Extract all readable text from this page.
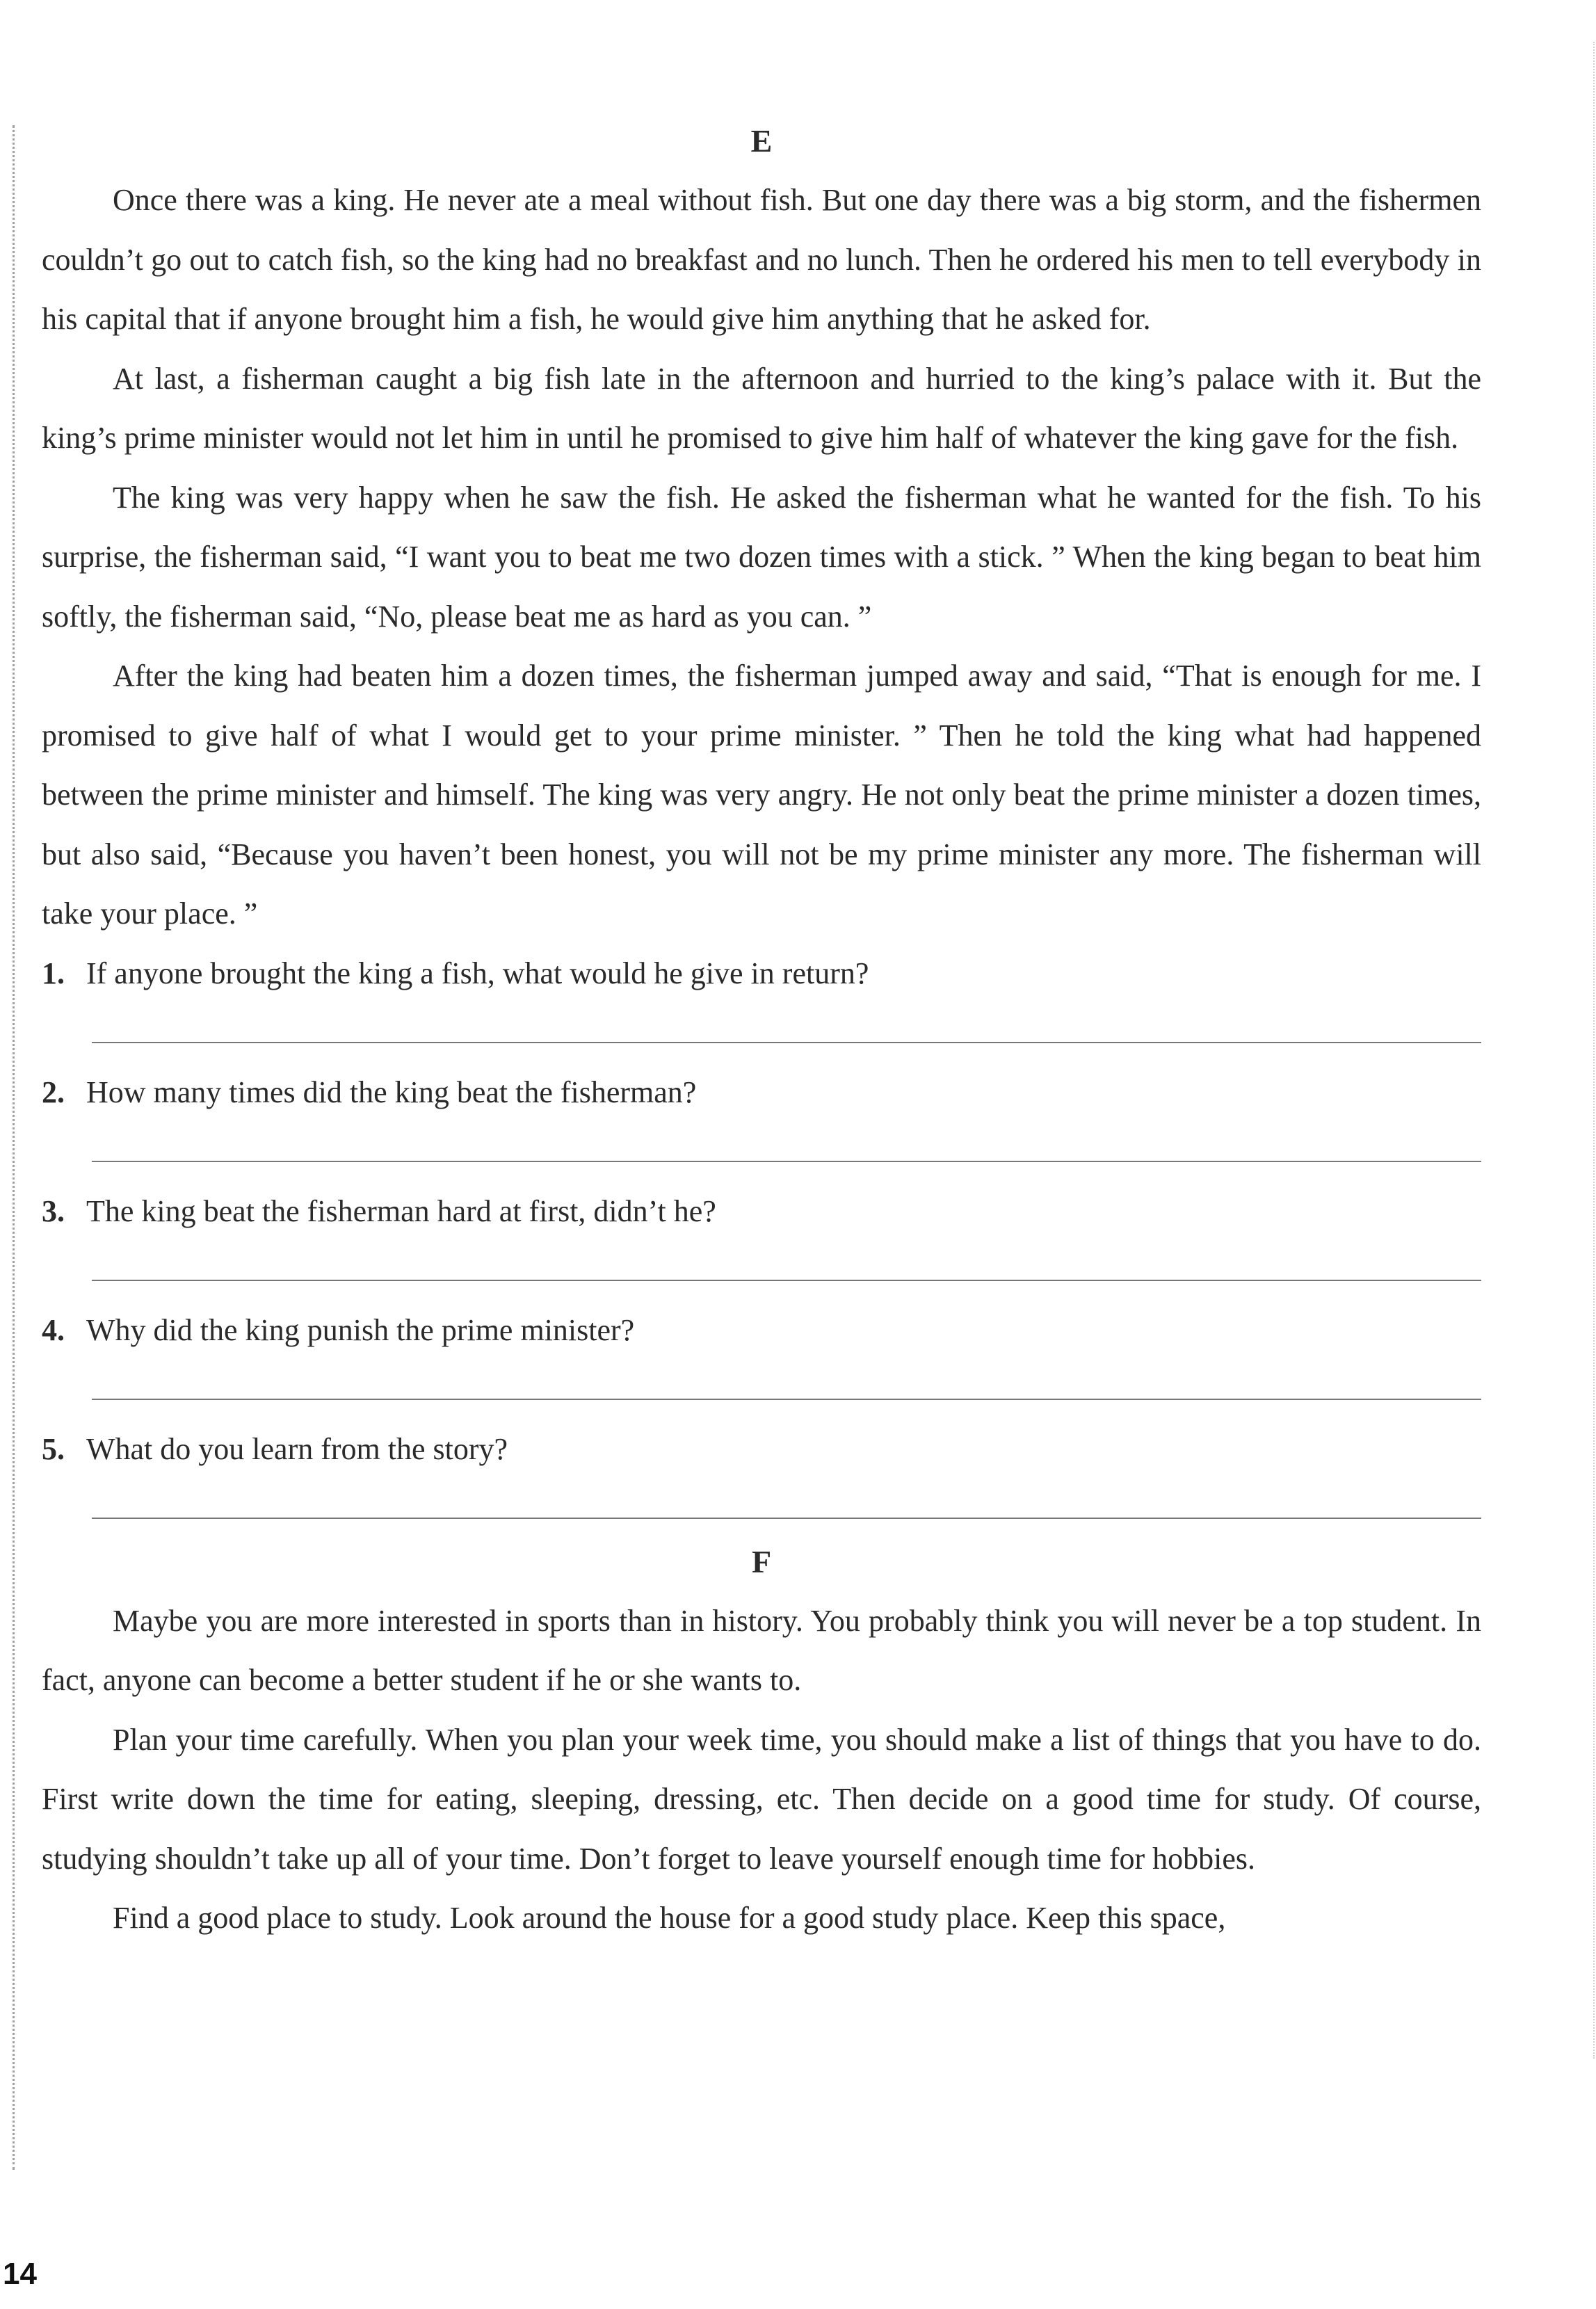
E

Once there was a king. He never ate a meal without fish. But one day there was a big storm, and the fishermen couldn’t go out to catch fish, so the king had no breakfast and no lunch. Then he ordered his men to tell everybody in his capital that if anyone brought him a fish, he would give him anything that he asked for.

At last, a fisherman caught a big fish late in the afternoon and hurried to the king’s palace with it. But the king’s prime minister would not let him in until he promised to give him half of whatever the king gave for the fish.

The king was very happy when he saw the fish. He asked the fisherman what he wanted for the fish. To his surprise, the fisherman said, “I want you to beat me two dozen times with a stick. ” When the king began to beat him softly, the fisherman said, “No, please beat me as hard as you can. ”

After the king had beaten him a dozen times, the fisherman jumped away and said, “That is enough for me. I promised to give half of what I would get to your prime minister. ” Then he told the king what had happened between the prime minister and himself. The king was very angry. He not only beat the prime minister a dozen times, but also said, “Because you haven’t been honest, you will not be my prime minister any more. The fisherman will take your place. ”

1. If anyone brought the king a fish, what would he give in return?
2. How many times did the king beat the fisherman?
3. The king beat the fisherman hard at first, didn’t he?
4. Why did the king punish the prime minister?
5. What do you learn from the story?
F

Maybe you are more interested in sports than in history. You probably think you will never be a top student. In fact, anyone can become a better student if he or she wants to.

Plan your time carefully. When you plan your week time, you should make a list of things that you have to do. First write down the time for eating, sleeping, dressing, etc. Then decide on a good time for study. Of course, studying shouldn’t take up all of your time. Don’t forget to leave yourself enough time for hobbies.

Find a good place to study. Look around the house for a good study place. Keep this space,

14
